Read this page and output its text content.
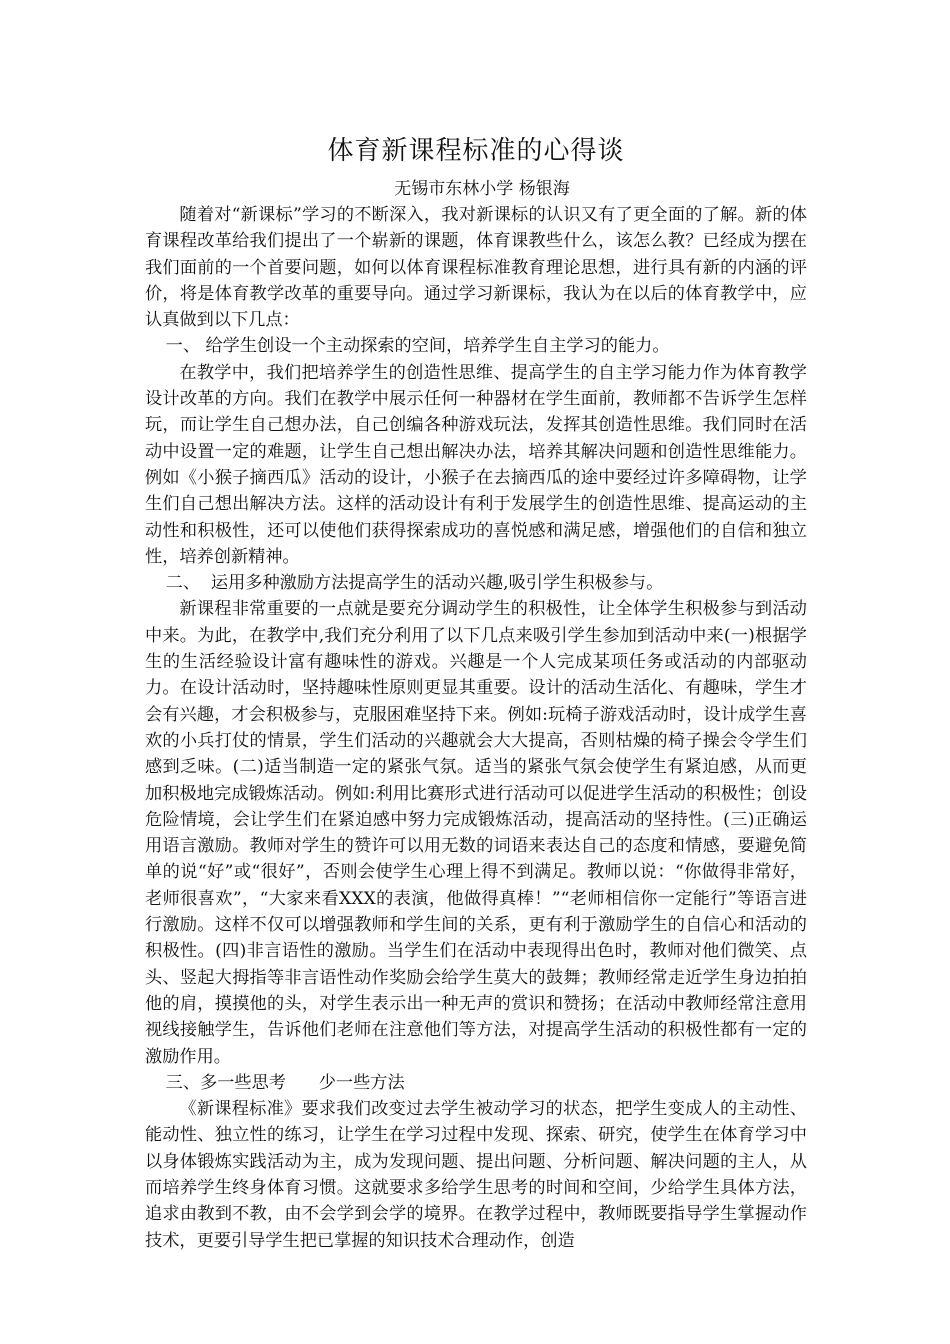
体育新课程标准的心得谈

无锡市东林小学 杨银海

随着对“新课标”学习的不断深入，我对新课标的认识又有了更全面的了解。新的体育课程改革给我们提出了一个崭新的课题，体育课教些什么，该怎么教？已经成为摆在我们面前的一个首要问题，如何以体育课程标准教育理论思想，进行具有新的内涵的评价，将是体育教学改革的重要导向。通过学习新课标，我认为在以后的体育教学中，应认真做到以下几点：

一、 给学生创设一个主动探索的空间，培养学生自主学习的能力。

在教学中，我们把培养学生的创造性思维、提高学生的自主学习能力作为体育教学设计改革的方向。我们在教学中展示任何一种器材在学生面前，教师都不告诉学生怎样玩，而让学生自己想办法，自己创编各种游戏玩法，发挥其创造性思维。我们同时在活动中设置一定的难题，让学生自己想出解决办法，培养其解决问题和创造性思维能力。例如《小猴子摘西瓜》活动的设计，小猴子在去摘西瓜的途中要经过许多障碍物，让学生们自己想出解决方法。这样的活动设计有利于发展学生的创造性思维、提高运动的主动性和积极性，还可以使他们获得探索成功的喜悦感和满足感，增强他们的自信和独立性，培养创新精神。

二、  运用多种激励方法提高学生的活动兴趣,吸引学生积极参与。

新课程非常重要的一点就是要充分调动学生的积极性，让全体学生积极参与到活动中来。为此，在教学中,我们充分利用了以下几点来吸引学生参加到活动中来(一)根据学生的生活经验设计富有趣味性的游戏。兴趣是一个人完成某项任务或活动的内部驱动力。在设计活动时，坚持趣味性原则更显其重要。设计的活动生活化、有趣味，学生才会有兴趣，才会积极参与，克服困难坚持下来。例如:玩椅子游戏活动时，设计成学生喜欢的小兵打仗的情景，学生们活动的兴趣就会大大提高，否则枯燥的椅子操会令学生们感到乏味。(二)适当制造一定的紧张气氛。适当的紧张气氛会使学生有紧迫感，从而更加积极地完成锻炼活动。例如:利用比赛形式进行活动可以促进学生活动的积极性；创设危险情境，会让学生们在紧迫感中努力完成锻炼活动，提高活动的坚持性。(三)正确运用语言激励。教师对学生的赞许可以用无数的词语来表达自己的态度和情感，要避免简单的说“好”或“很好”，否则会使学生心理上得不到满足。教师以说：“你做得非常好，老师很喜欢”，“大家来看XXX的表演，他做得真棒！”“老师相信你一定能行”等语言进行激励。这样不仅可以增强教师和学生间的关系，更有利于激励学生的自信心和活动的积极性。(四)非言语性的激励。当学生们在活动中表现得出色时，教师对他们微笑、点头、竖起大拇指等非言语性动作奖励会给学生莫大的鼓舞；教师经常走近学生身边拍拍他的肩，摸摸他的头，对学生表示出一种无声的赏识和赞扬；在活动中教师经常注意用视线接触学生，告诉他们老师在注意他们等方法，对提高学生活动的积极性都有一定的激励作用。

三、多一些思考      少一些方法

《新课程标准》要求我们改变过去学生被动学习的状态，把学生变成人的主动性、能动性、独立性的练习，让学生在学习过程中发现、探索、研究，使学生在体育学习中以身体锻炼实践活动为主，成为发现问题、提出问题、分析问题、解决问题的主人，从而培养学生终身体育习惯。这就要求多给学生思考的时间和空间，少给学生具体方法，追求由教到不教，由不会学到会学的境界。在教学过程中，教师既要指导学生掌握动作技术，更要引导学生把已掌握的知识技术合理动作，创造
